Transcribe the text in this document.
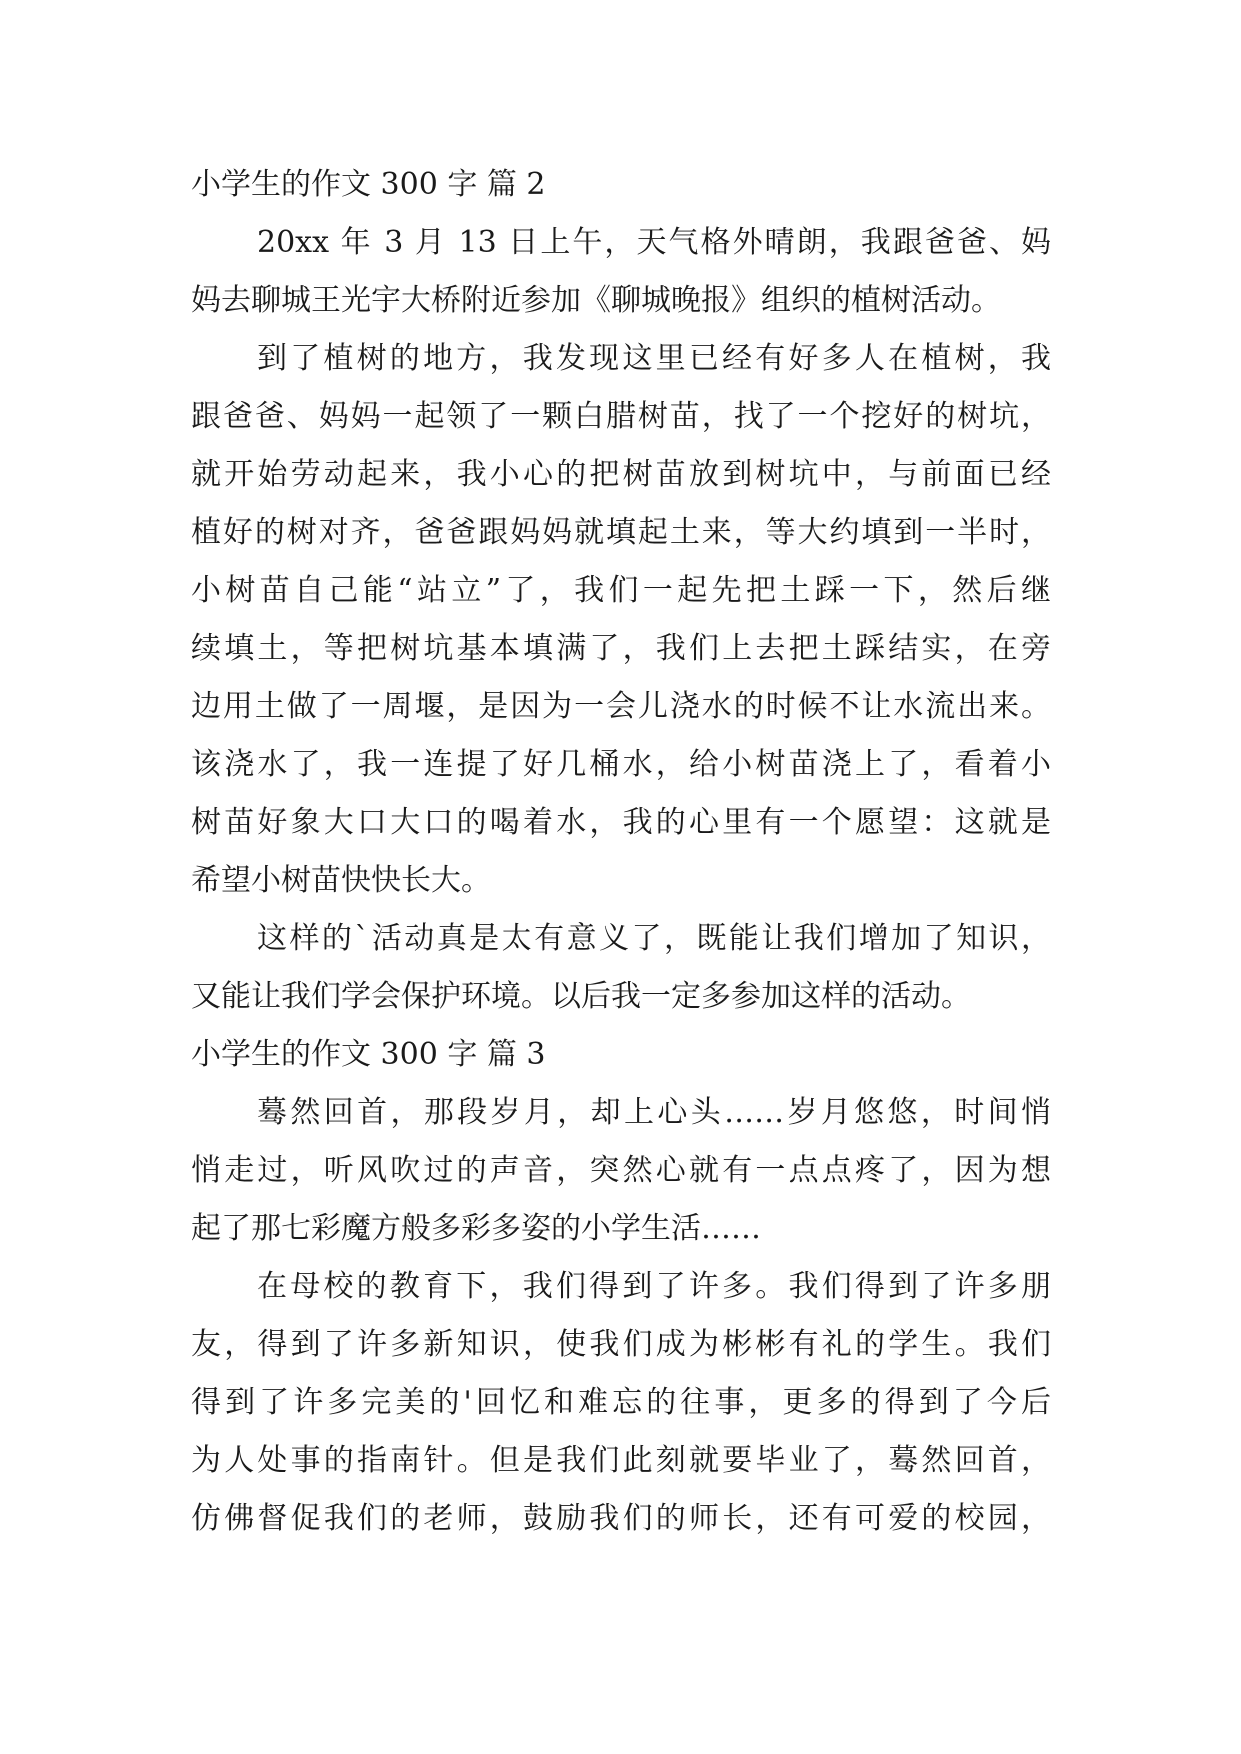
小学生的作文 300 字 篇 2
20xx 年 3 月 13 日上午，天气格外晴朗，我跟爸爸、妈
妈去聊城王光宇大桥附近参加《聊城晚报》组织的植树活动。
到了植树的地方，我发现这里已经有好多人在植树，我
跟爸爸、妈妈一起领了一颗白腊树苗，找了一个挖好的树坑，
就开始劳动起来，我小心的把树苗放到树坑中，与前面已经
植好的树对齐，爸爸跟妈妈就填起土来，等大约填到一半时，
小树苗自己能“站立”了，我们一起先把土踩一下，然后继
续填土，等把树坑基本填满了，我们上去把土踩结实，在旁
边用土做了一周堰，是因为一会儿浇水的时候不让水流出来。
该浇水了，我一连提了好几桶水，给小树苗浇上了，看着小
树苗好象大口大口的喝着水，我的心里有一个愿望：这就是
希望小树苗快快长大。
这样的`活动真是太有意义了，既能让我们增加了知识，
又能让我们学会保护环境。以后我一定多参加这样的活动。
小学生的作文 300 字 篇 3
蓦然回首，那段岁月，却上心头……岁月悠悠，时间悄
悄走过，听风吹过的声音，突然心就有一点点疼了，因为想
起了那七彩魔方般多彩多姿的小学生活……
在母校的教育下，我们得到了许多。我们得到了许多朋
友，得到了许多新知识，使我们成为彬彬有礼的学生。我们
得到了许多完美的'回忆和难忘的往事，更多的得到了今后
为人处事的指南针。但是我们此刻就要毕业了，蓦然回首，
仿佛督促我们的老师，鼓励我们的师长，还有可爱的校园，
